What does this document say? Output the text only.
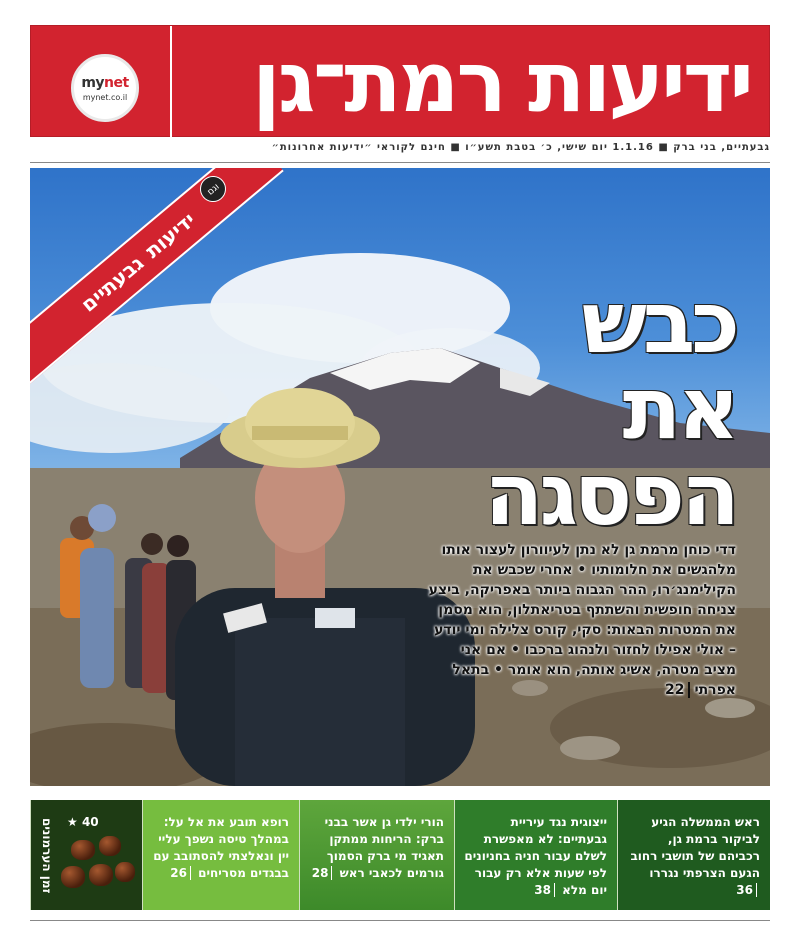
ידיעותרמת־גן
mynet
mynet.co.il
גבעתיים, בני ברק ■ 1.1.16 יום שישי, כ׳ בטבת תשע״ו ■ חינם לקוראי ״ידיעות אחרונות״
ידיעותגבעתיים
וגם
כבש
את
הפסגה
דדי כוחן מרמת גן לא נתן לעיוורון לעצור אותו מלהגשים את חלומותיו • אחרי שכבש את הקילימנג׳רו, ההר הגבוה ביותר באפריקה, ביצע צניחה חופשית והשתתף בטריאתלון, הוא מסמן את המטרות הבאות: סקי, קורס צלילה ומי יודע – אולי אפילו לחזור ולנהוג ברכבו • אם אני מציב מטרה, אשיג אותה, הוא אומר • בתאל אפרתי22
ראש הממשלה הגיע לביקור ברמת גן, רכביהם של תושבי רחוב הגעם הצרפתי נגררו 36
ייצוגית נגד עיריית גבעתיים: לא מאפשרת לשלם עבור חניה בחניונים לפי שעות אלא רק עבור יום מלא 38
הורי ילדי גן אשר בבני ברק: הריחות ממתקן תאגיד מי ברק הסמוך גורמים לכאבי ראש 28
רופא תובע את אל על: במהלך טיסה נשפך עליי יין ונאלצתי להסתובב עם בבגדים מסריחים 26
זמן הערמונים 40 ★
